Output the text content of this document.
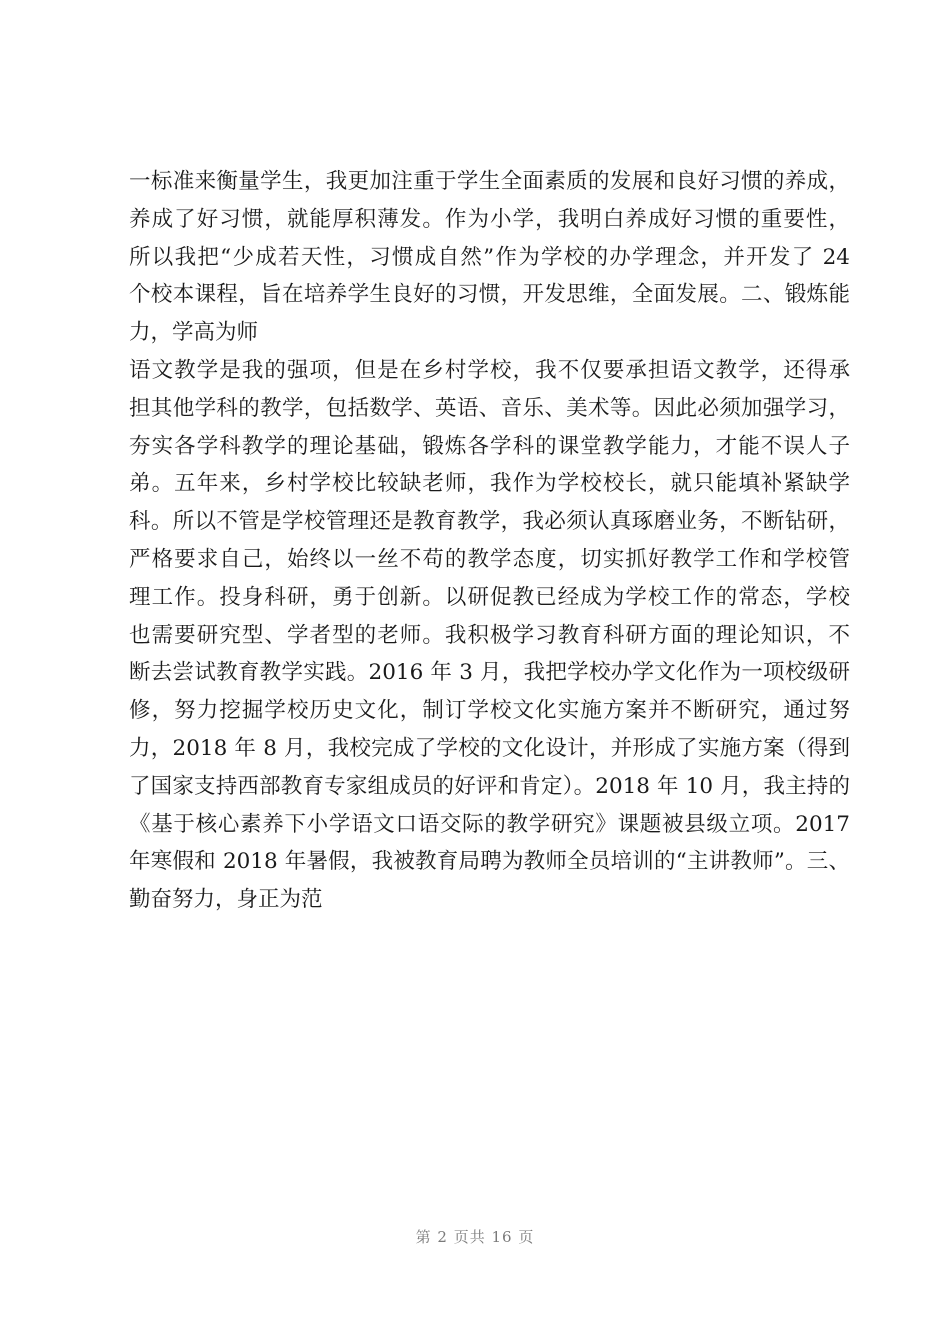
一标准来衡量学生，我更加注重于学生全面素质的发展和良好习惯的养成，
养成了好习惯，就能厚积薄发。作为小学，我明白养成好习惯的重要性，
所以我把“少成若天性，习惯成自然”作为学校的办学理念，并开发了 24
个校本课程，旨在培养学生良好的习惯，开发思维，全面发展。二、锻炼能
力，学高为师
语文教学是我的强项，但是在乡村学校，我不仅要承担语文教学，还得承
担其他学科的教学，包括数学、英语、音乐、美术等。因此必须加强学习，
夯实各学科教学的理论基础，锻炼各学科的课堂教学能力，才能不误人子
弟。五年来，乡村学校比较缺老师，我作为学校校长，就只能填补紧缺学
科。所以不管是学校管理还是教育教学，我必须认真琢磨业务，不断钻研，
严格要求自己，始终以一丝不苟的教学态度，切实抓好教学工作和学校管
理工作。投身科研，勇于创新。以研促教已经成为学校工作的常态，学校
也需要研究型、学者型的老师。我积极学习教育科研方面的理论知识，不
断去尝试教育教学实践。2016 年 3 月，我把学校办学文化作为一项校级研
修，努力挖掘学校历史文化，制订学校文化实施方案并不断研究，通过努
力，2018 年 8 月，我校完成了学校的文化设计，并形成了实施方案（得到
了国家支持西部教育专家组成员的好评和肯定）。2018 年 10 月，我主持的
《基于核心素养下小学语文口语交际的教学研究》课题被县级立项。2017
年寒假和 2018 年暑假，我被教育局聘为教师全员培训的“主讲教师”。三、
勤奋努力，身正为范
第 2 页共 16 页
